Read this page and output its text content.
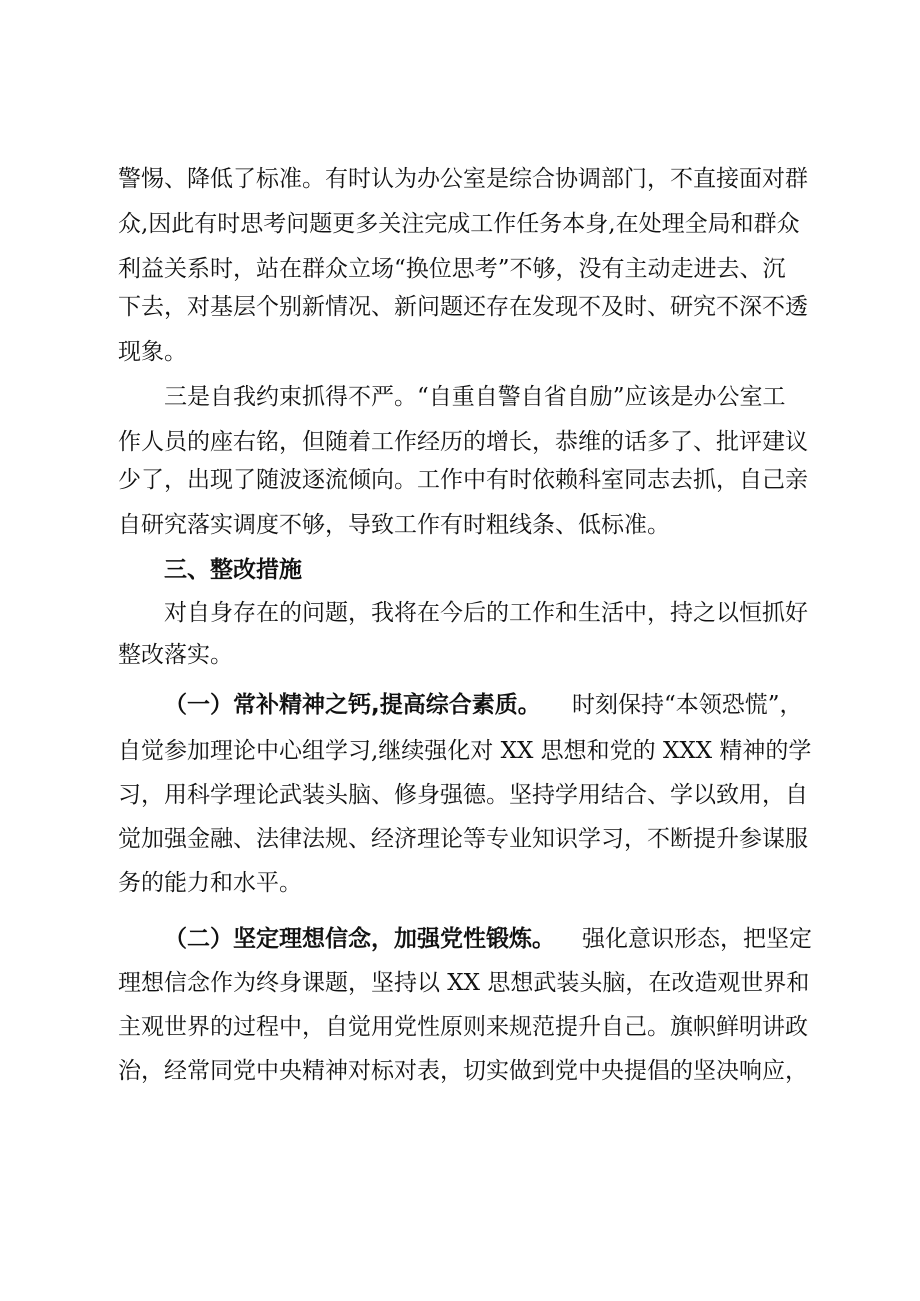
警惕、降低了标准。有时认为办公室是综合协调部门，不直接面对群
众,因此有时思考问题更多关注完成工作任务本身,在处理全局和群众
利益关系时，站在群众立场“换位思考”不够，没有主动走进去、沉
下去，对基层个别新情况、新问题还存在发现不及时、研究不深不透
现象。
三是自我约束抓得不严。“自重自警自省自励”应该是办公室工
作人员的座右铭，但随着工作经历的增长，恭维的话多了、批评建议
少了，出现了随波逐流倾向。工作中有时依赖科室同志去抓，自己亲
自研究落实调度不够，导致工作有时粗线条、低标准。
三、整改措施
对自身存在的问题，我将在今后的工作和生活中，持之以恒抓好
整改落实。
（一）常补精神之钙,提高综合素质。 时刻保持“本领恐慌”，
自觉参加理论中心组学习,继续强化对 XX 思想和党的 XXX 精神的学
习，用科学理论武装头脑、修身强德。坚持学用结合、学以致用，自
觉加强金融、法律法规、经济理论等专业知识学习，不断提升参谋服
务的能力和水平。
（二）坚定理想信念，加强党性锻炼。 强化意识形态，把坚定
理想信念作为终身课题，坚持以 XX 思想武装头脑，在改造观世界和
主观世界的过程中，自觉用党性原则来规范提升自己。旗帜鲜明讲政
治，经常同党中央精神对标对表，切实做到党中央提倡的坚决响应，
